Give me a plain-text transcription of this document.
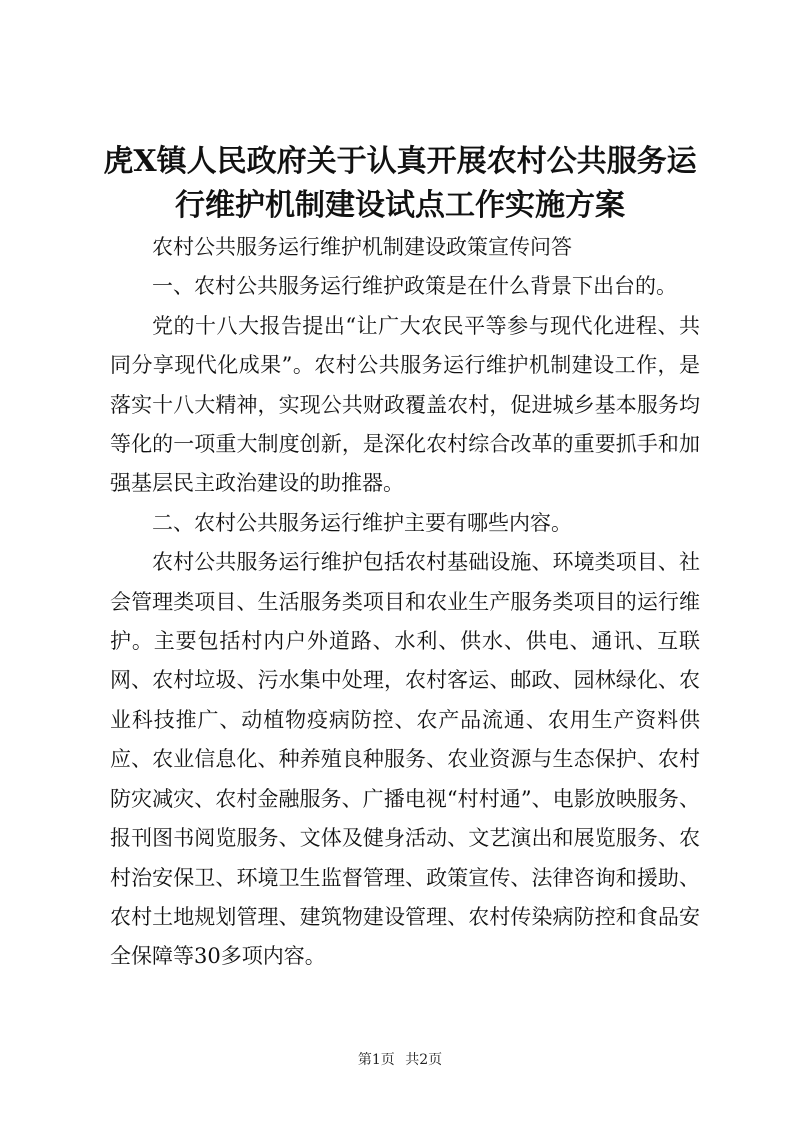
虎X镇人民政府关于认真开展农村公共服务运行维护机制建设试点工作实施方案

农村公共服务运行维护机制建设政策宣传问答

一、农村公共服务运行维护政策是在什么背景下出台的。

党的十八大报告提出“让广大农民平等参与现代化进程、共同分享现代化成果”。农村公共服务运行维护机制建设工作，是落实十八大精神，实现公共财政覆盖农村，促进城乡基本服务均等化的一项重大制度创新，是深化农村综合改革的重要抓手和加强基层民主政治建设的助推器。

二、农村公共服务运行维护主要有哪些内容。

农村公共服务运行维护包括农村基础设施、环境类项目、社会管理类项目、生活服务类项目和农业生产服务类项目的运行维护。主要包括村内户外道路、水利、供水、供电、通讯、互联网、农村垃圾、污水集中处理，农村客运、邮政、园林绿化、农业科技推广、动植物疫病防控、农产品流通、农用生产资料供应、农业信息化、种养殖良种服务、农业资源与生态保护、农村防灾减灾、农村金融服务、广播电视“村村通”、电影放映服务、报刊图书阅览服务、文体及健身活动、文艺演出和展览服务、农村治安保卫、环境卫生监督管理、政策宣传、法律咨询和援助、农村土地规划管理、建筑物建设管理、农村传染病防控和食品安全保障等30多项内容。

第1页 共2页
